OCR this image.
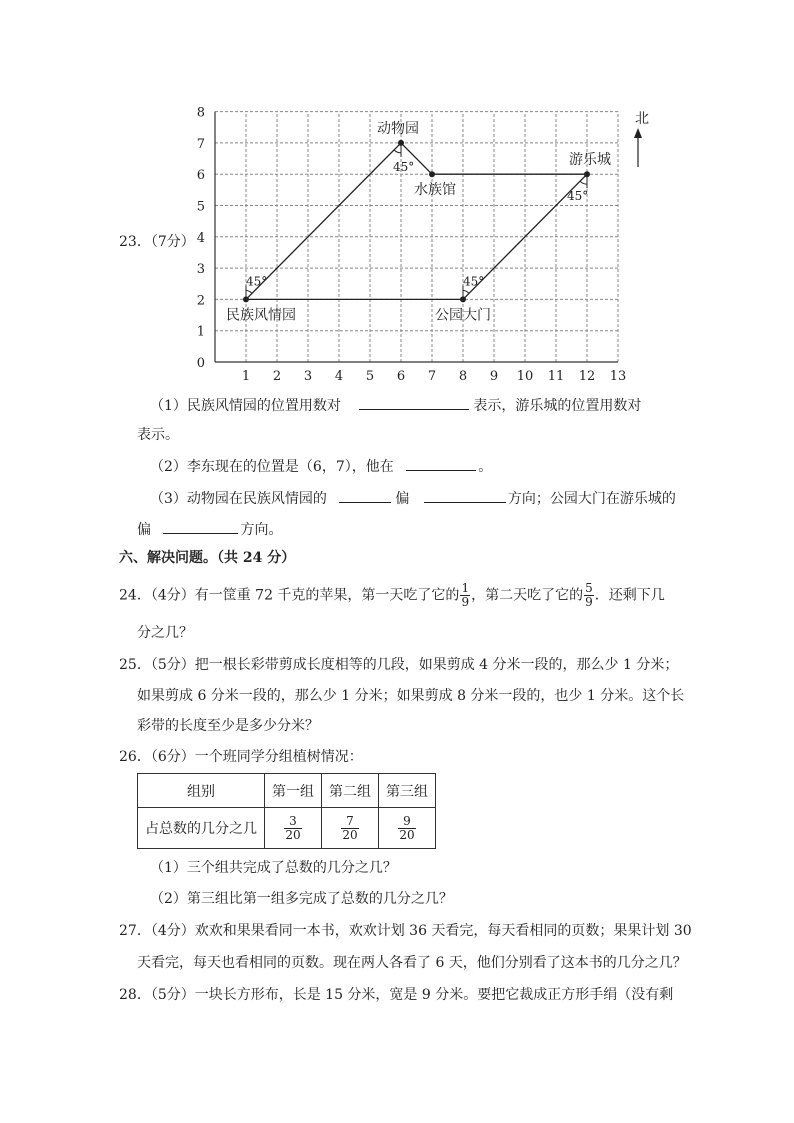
23．（7分）
1 2 3 4 5 6 7 8 9 10 11 12 13
0
1
2
3
4
5
6
7
8
民族风情园	公园大门
动物园
水族馆
游乐城
45°	45°
45°
45°
北
（1）民族风情园的位置用数对	表示，游乐城的位置用数对
表示。
（2）李东现在的位置是（6，7），他在	。
（3）动物园在民族风情园的	偏	方向；公园大门在游乐城的
偏	方向。
六、解决问题。（共 24 分）
24．（4分）有一筐重 72 千克的苹果，第一天吃了它的 $\frac{1}{9}$ ，第二天吃了它的 $\frac{5}{9}$ ．还剩下几
分之几？
25．（5分）把一根长彩带剪成长度相等的几段，如果剪成 4 分米一段的，那么少 1 分米；
如果剪成 6 分米一段的，那么少 1 分米；如果剪成 8 分米一段的，也少 1 分米。这个长
彩带的长度至少是多少分米？
26．（6分）一个班同学分组植树情况：
组别	第一组	第二组	第三组
占总数的几分之几	$\frac{3}{20}$	$\frac{7}{20}$	$\frac{9}{20}$
（1）三个组共完成了总数的几分之几？
（2）第三组比第一组多完成了总数的几分之几？
27．（4分）欢欢和果果看同一本书，欢欢计划 36 天看完，每天看相同的页数；果果计划 30
天看完，每天也看相同的页数。现在两人各看了 6 天，他们分别看了这本书的几分之几？
28．（5分）一块长方形布，长是 15 分米，宽是 9 分米。要把它裁成正方形手绢（没有剩
